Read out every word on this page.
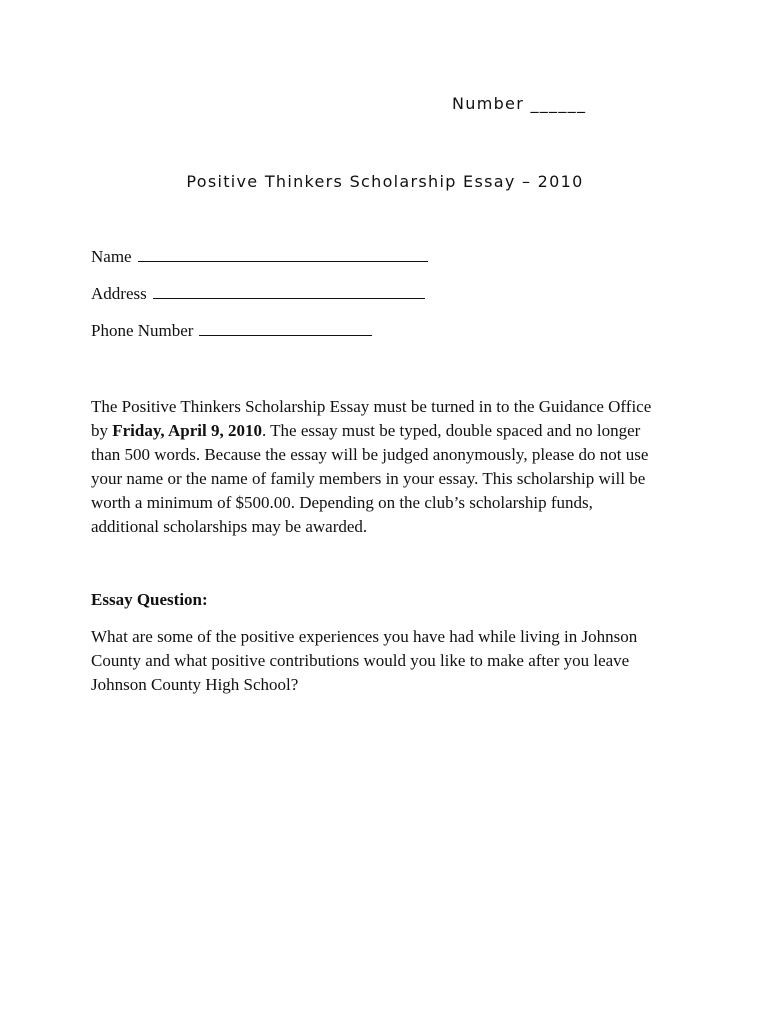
Number ______
Positive Thinkers Scholarship Essay – 2010
Name
Address
Phone Number
The Positive Thinkers Scholarship Essay must be turned in to the Guidance Office
by Friday, April 9, 2010. The essay must be typed, double spaced and no longer
than 500 words. Because the essay will be judged anonymously, please do not use
your name or the name of family members in your essay. This scholarship will be
worth a minimum of $500.00. Depending on the club’s scholarship funds,
additional scholarships may be awarded.
Essay Question:
What are some of the positive experiences you have had while living in Johnson
County and what positive contributions would you like to make after you leave
Johnson County High School?
